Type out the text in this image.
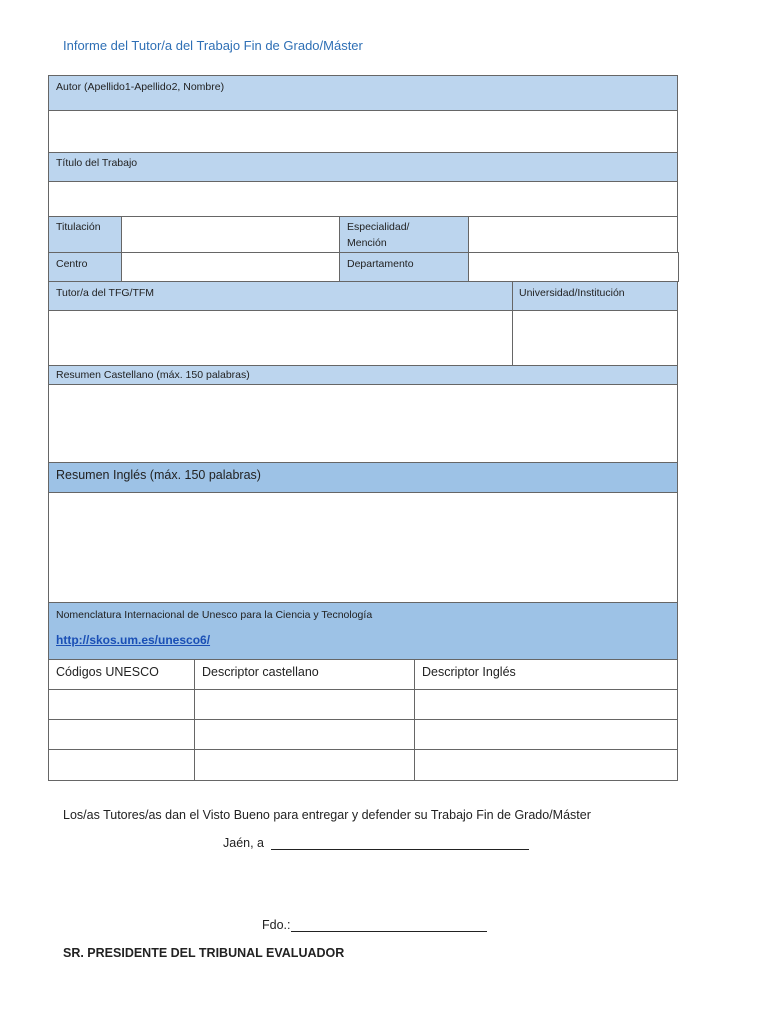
Informe del Tutor/a del Trabajo Fin de Grado/Máster
Autor (Apellido1-Apellido2, Nombre)
Título del Trabajo
Titulación	Especialidad/
Mención
Centro	Departamento
Tutor/a del TFG/TFM	Universidad/Institución
Resumen Castellano (máx. 150 palabras)
Resumen Inglés (máx. 150 palabras)
Nomenclatura Internacional de Unesco para la Ciencia y Tecnología
http://skos.um.es/unesco6/
Códigos UNESCO	Descriptor castellano	Descriptor Inglés
Los/as Tutores/as dan el Visto Bueno para entregar y defender su Trabajo Fin de Grado/Máster
Jaén, a
Fdo.:
SR. PRESIDENTE DEL TRIBUNAL EVALUADOR
